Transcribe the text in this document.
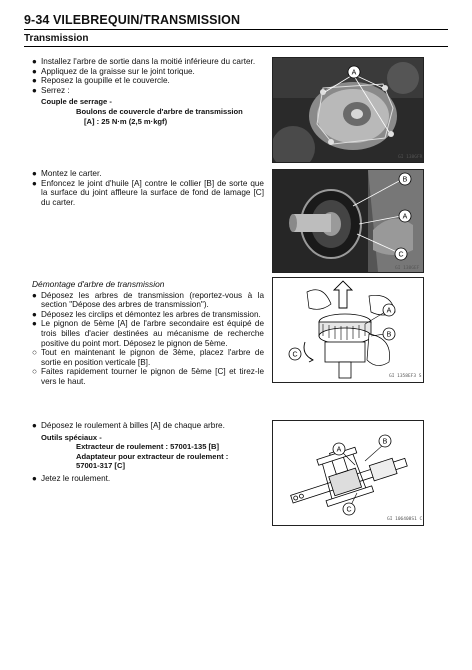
9-34 VILEBREQUIN/TRANSMISSION
Transmission
● Installez l'arbre de sortie dans la moitié inférieure du carter.
● Appliquez de la graisse sur le joint torique.
● Reposez la goupille et le couvercle.
● Serrez :
Couple de serrage -
Boulons de couvercle d'arbre de transmission
[A] : 25 N·m (2,5 m·kgf)
● Montez le carter.
● Enfoncez le joint d'huile [A] contre le collier [B] de sorte que la surface du joint affleure la surface de fond de lamage [C] du carter.
Démontage d'arbre de transmission
● Déposez les arbres de transmission (reportez-vous à la section "Dépose des arbres de transmission").
● Déposez les circlips et démontez les arbres de transmission.
● Le pignon de 5ème [A] de l'arbre secondaire est équipé de trois billes d'acier destinées au mécanisme de recherche positive du point mort. Déposez le pignon de 5ème.
○ Tout en maintenant le pignon de 3ème, placez l'arbre de sortie en position verticale [B].
○ Faites rapidement tourner le pignon de 5ème [C] et tirez-le vers le haut.
● Déposez le roulement à billes [A] de chaque arbre.
Outils spéciaux -
Extracteur de roulement : 57001-135 [B]
Adaptateur pour extracteur de roulement :
57001-317 [C]
● Jetez le roulement.
A
GI 138GFR
B
A
C
GI 138GEF
A
B
C
GI 1358EF3 S
A
B
C
GI 106408S1 C
